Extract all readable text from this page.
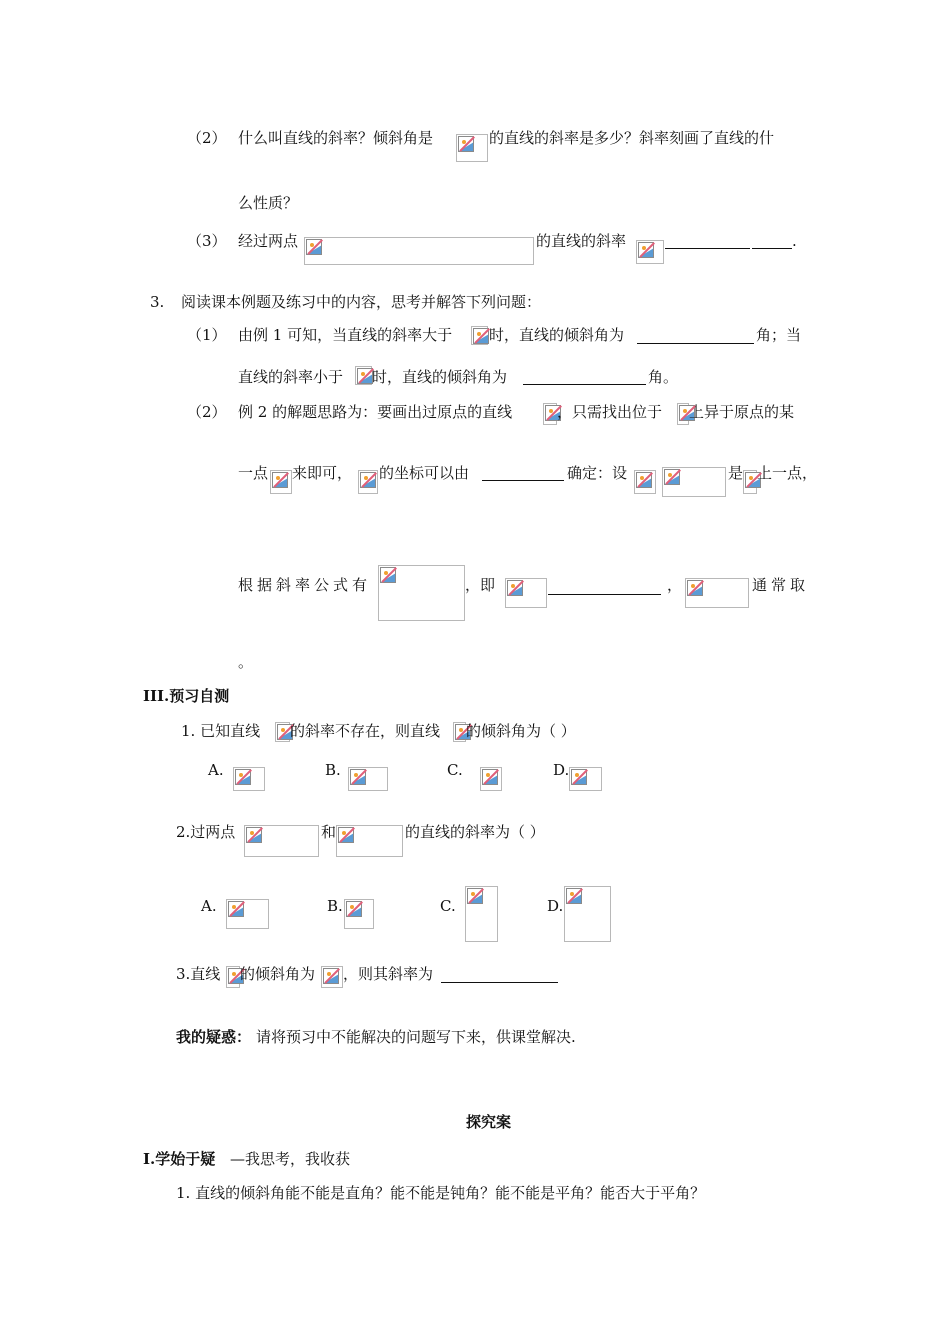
（2） 什么叫直线的斜率？倾斜角是	的直线的斜率是多少？斜率刻画了直线的什
么性质？
（3） 经过两点	的直线的斜率	.
3. 阅读课本例题及练习中的内容，思考并解答下列问题：
（1） 由例 1 可知，当直线的斜率大于 时，直线的倾斜角为	角；当
直线的斜率小于 时，直线的倾斜角为	角。
（2） 例 2 的解题思路为：要画出过原点的直线	，只需找出位于 上异于原点的某
一点 来即可， 的坐标可以由	确定：设	是 上一点，
根据斜率公式有	，即	，	通常取
。
III.预习自测
1. 已知直线 的斜率不存在，则直线 的倾斜角为（ ）
A.	B.	C.	D.
2.过两点	和	的直线的斜率为（ ）
A.	B.	C.	D.
3.直线 的倾斜角为 ，则其斜率为
我的疑惑： 请将预习中不能解决的问题写下来，供课堂解决.
探究案
I.学始于疑 —我思考，我收获
1. 直线的倾斜角能不能是直角？能不能是钝角？能不能是平角？能否大于平角？
